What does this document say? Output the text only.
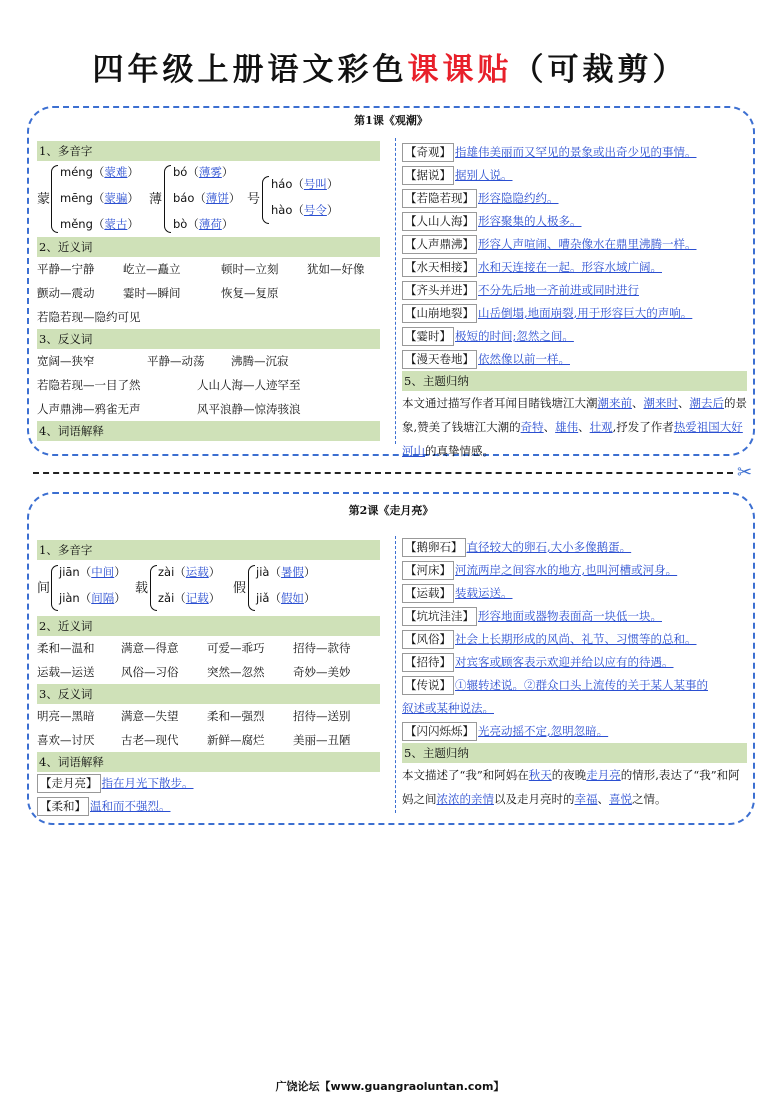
四年级上册语文彩色课课贴（可裁剪）
第1课《观潮》
1、多音字
蒙
méng（蒙难）
mēng（蒙骗）
měng（蒙古）
薄
bó（薄雾）
báo（薄饼）
bò（薄荷）
号
háo（号叫）
hào（号令）
2、近义词
平静—宁静 屹立—矗立	顿时—立刻 犹如—好像
颤动—震动 霎时—瞬间	恢复—复原
若隐若现—隐约可见
3、反义词
宽阔—狭窄	平静—动荡 沸腾—沉寂
若隐若现—一目了然	人山人海—人迹罕至
人声鼎沸—鸦雀无声	风平浪静—惊涛骇浪
4、词语解释
【奇观】 指雄伟美丽而又罕见的景象或出奇少见的事情。
【据说】 据别人说。
【若隐若现】 形容隐隐约约。
【人山人海】 形容聚集的人极多。
【人声鼎沸】 形容人声喧闹、嘈杂像水在鼎里沸腾一样。
【水天相接】 水和天连接在一起。形容水域广阔。
【齐头并进】 不分先后地一齐前进或同时进行
【山崩地裂】 山岳倒塌,地面崩裂,用于形容巨大的声响。
【霎时】 极短的时间;忽然之间。
【漫天卷地】 依然像以前一样。
5、主题归纳
本文通过描写作者耳闻目睹钱塘江大潮潮来前、潮来时、潮去后的景象,赞美了钱塘江大潮的奇特、雄伟、壮观,抒发了作者热爱祖国大好河山的真挚情感。
✂
第2课《走月亮》
1、多音字
间
jiān（中间）
jiàn（间隔）
载
zài（运载）
zǎi（记载）
假
jià（暑假）
jiǎ（假如）
2、近义词
柔和—温和 满意—得意 可爱—乖巧 招待—款待
运载—运送 风俗—习俗 突然—忽然 奇妙—美妙
3、反义词
明亮—黑暗 满意—失望 柔和—强烈 招待—送别
喜欢—讨厌 古老—现代 新鲜—腐烂 美丽—丑陋
4、词语解释
【走月亮】 指在月光下散步。
【柔和】 温和而不强烈。
【鹅卵石】 直径较大的卵石,大小多像鹅蛋。
【河床】 河流两岸之间容水的地方,也叫河槽或河身。
【运载】 装载运送。
【坑坑洼洼】 形容地面或器物表面高一块低一块。
【风俗】 社会上长期形成的风尚、礼节、习惯等的总和。
【招待】 对宾客或顾客表示欢迎并给以应有的待遇。
【传说】 ①辗转述说。②群众口头上流传的关于某人某事的
叙述或某种说法。
【闪闪烁烁】 光亮动摇不定,忽明忽暗。
5、主题归纳
本文描述了“我”和阿妈在秋天的夜晚走月亮的情形,表达了“我”和阿妈之间浓浓的亲情以及走月亮时的幸福、喜悦之情。
广饶论坛【www.guangraoluntan.com】
